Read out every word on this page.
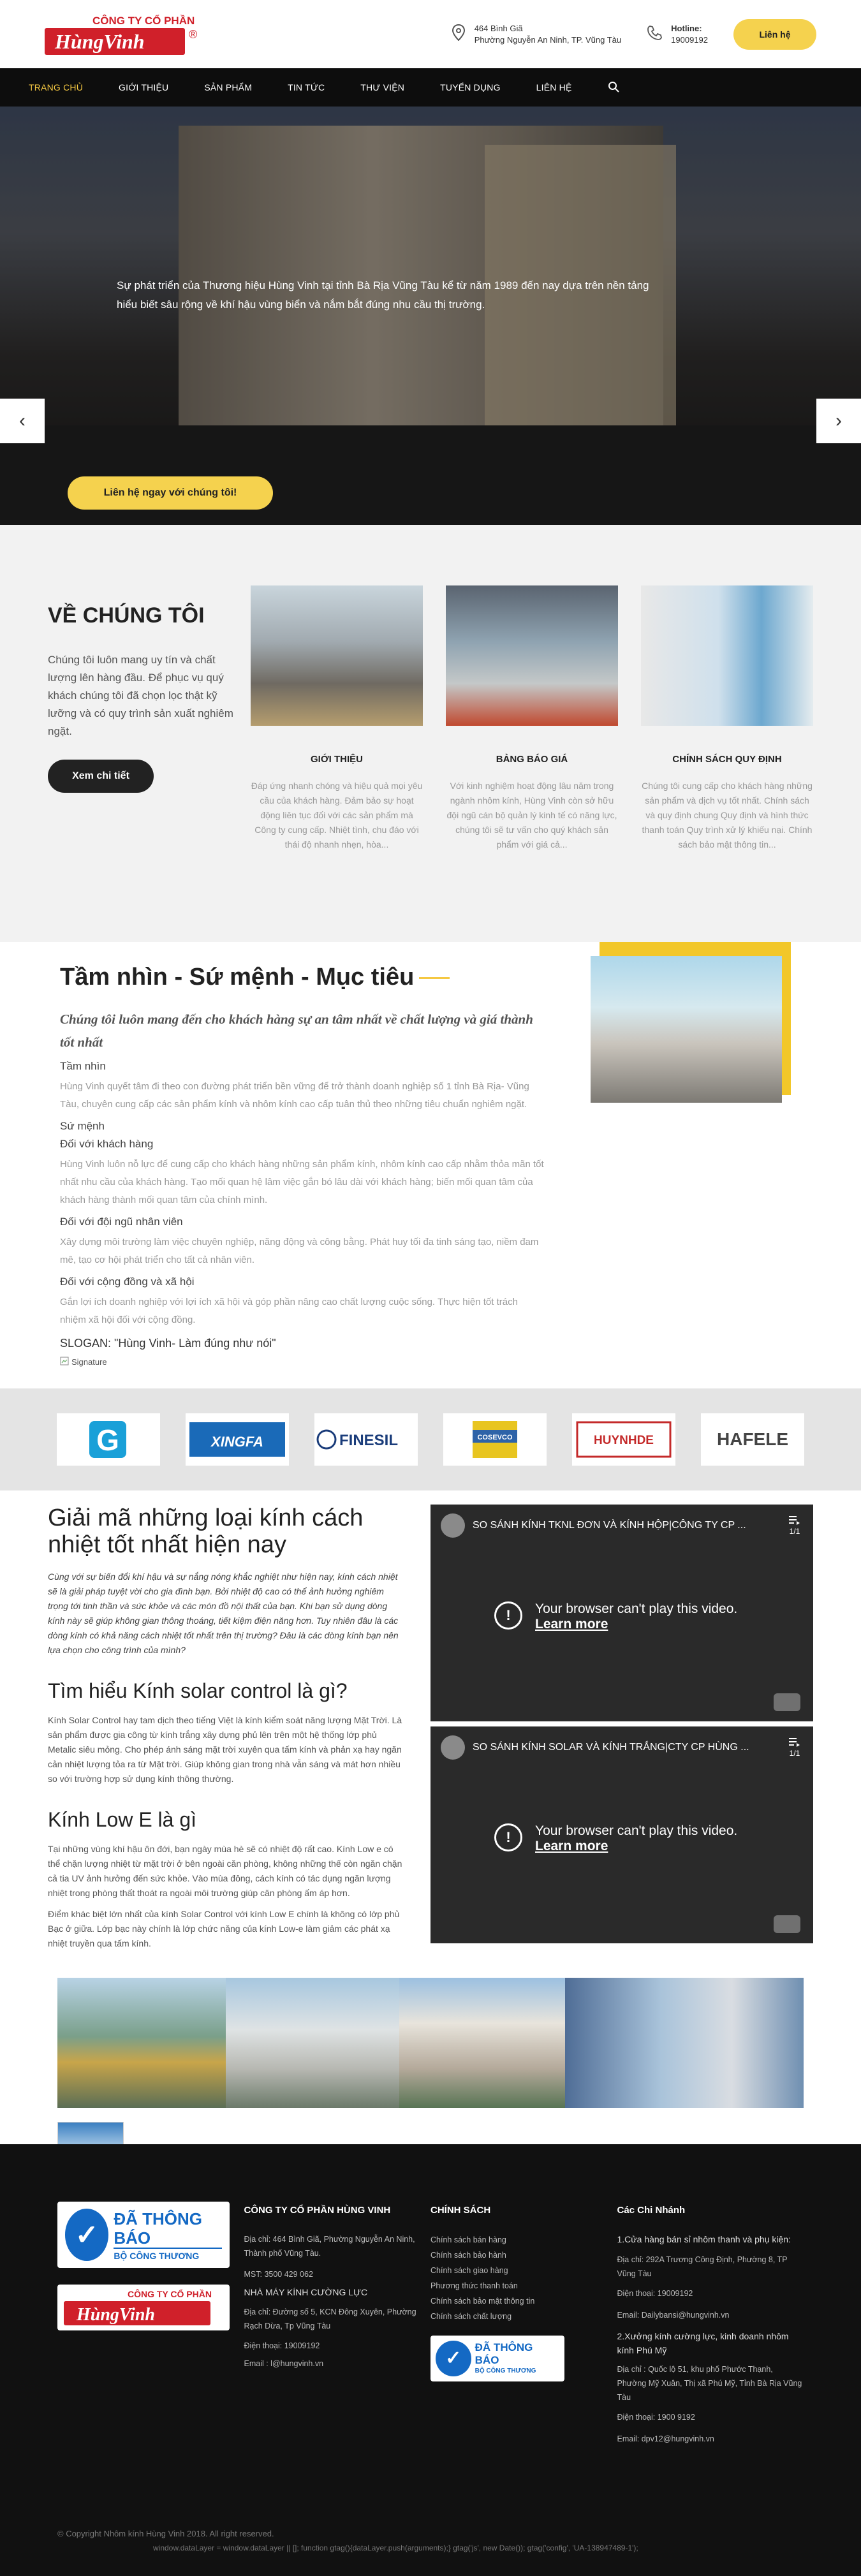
CÔNG TY CỔ PHẦN
HùngVinh	®	464 Bình Giã
Phường Nguyễn An Ninh, TP. Vũng Tàu
Hotline:
19009192
Liên hệ
TRANG CHỦ	GIỚI THIỆU	SẢN PHẨM	TIN TỨC	THƯ VIỆN	TUYỂN DỤNG	LIÊN HỆ
Sự phát triển của Thương hiệu Hùng Vinh tại tỉnh Bà Rịa Vũng Tàu kể từ năm 1989 đến nay dựa trên nền tảng hiểu biết sâu rộng về khí hậu vùng biển và nắm bắt đúng nhu cầu thị trường.
Liên hệ ngay với chúng tôi!
‹	›
VỀ CHÚNG TÔI

Chúng tôi luôn mang uy tín và chất lượng lên hàng đầu. Để phục vụ quý khách chúng tôi đã chọn lọc thật kỹ lưỡng và có quy trình sản xuất nghiêm ngặt.

Xem chi tiết
GIỚI THIỆU

Đáp ứng nhanh chóng và hiệu quả mọi yêu cầu của khách hàng. Đảm bảo sự hoạt động liên tục đối với các sản phẩm mà Công ty cung cấp. Nhiệt tình, chu đáo với thái độ nhanh nhẹn, hòa...

BẢNG BÁO GIÁ

Với kinh nghiệm hoạt động lâu năm trong ngành nhôm kính, Hùng Vinh còn sở hữu đội ngũ cán bộ quản lý kinh tế có năng lực, chúng tôi sẽ tư vấn cho quý khách sản phẩm với giá cả...

CHÍNH SÁCH QUY ĐỊNH

Chúng tôi cung cấp cho khách hàng những sản phẩm và dịch vụ tốt nhất. Chính sách và quy định chung Quy định và hình thức thanh toán Quy trình xử lý khiếu nại. Chính sách bảo mật thông tin...

Tầm nhìn - Sứ mệnh - Mục tiêu
Chúng tôi luôn mang đến cho khách hàng sự an tâm nhất về chất lượng và giá thành tốt nhất
Tầm nhìn
Hùng Vinh quyết tâm đi theo con đường phát triển bền vững để trở thành doanh nghiệp số 1 tỉnh Bà Rịa- Vũng Tàu, chuyên cung cấp các sản phẩm kính và nhôm kính cao cấp tuân thủ theo những tiêu chuẩn nghiêm ngặt.
Sứ mệnh
Đối với khách hàng
Hùng Vinh luôn nỗ lực để cung cấp cho khách hàng những sản phẩm kính, nhôm kính cao cấp nhằm thỏa mãn tốt nhất nhu cầu của khách hàng. Tạo mối quan hệ lâm việc gắn bó lâu dài với khách hàng; biến mối quan tâm của khách hàng thành mối quan tâm của chính mình.
Đối với đội ngũ nhân viên
Xây dựng môi trường làm việc chuyên nghiệp, năng động và công bằng. Phát huy tối đa tinh sáng tạo, niềm đam mê, tạo cơ hội phát triển cho tất cả nhân viên.
Đối với cộng đồng và xã hội
Gắn lợi ích doanh nghiệp với lợi ích xã hội và góp phần nâng cao chất lượng cuộc sống. Thực hiện tốt trách nhiệm xã hội đối với cộng đồng.
SLOGAN: "Hùng Vinh- Làm đúng như nói"
Signature
G	XINGFA	FINESIL	COSEVCO	HUYNHDE	HAFELE
Giải mã những loại kính cách nhiệt tốt nhất hiện nay
Cùng với sự biến đổi khí hậu và sự nắng nóng khắc nghiệt như hiện nay, kính cách nhiệt sẽ là giải pháp tuyệt vời cho gia đình bạn. Bởi nhiệt độ cao có thể ảnh hưởng nghiêm trọng tới tinh thần và sức khỏe và các món đồ nội thất của bạn. Khi bạn sử dụng dòng kính này sẽ giúp không gian thông thoáng, tiết kiệm điện năng hơn. Tuy nhiên đâu là các dòng kính có khả năng cách nhiệt tốt nhất trên thị trường? Đâu là các dòng kính bạn nên lựa chọn cho công trình của mình?
Tìm hiểu Kính solar control là gì?
Kính Solar Control hay tam dịch theo tiếng Việt là kính kiểm soát năng lượng Mặt Trời. Là sản phẩm được gia công từ kính trắng xây dựng phủ lên trên một hệ thống lớp phủ Metalic siêu mỏng. Cho phép ánh sáng mặt trời xuyên qua tấm kính và phản xạ hay ngăn cản nhiệt lượng tỏa ra từ Mặt trời. Giúp không gian trong nhà vẫn sáng và mát hơn nhiều so với trường hợp sử dụng kính thông thường.
Kính Low E là gì
Tại những vùng khí hậu ôn đới, bạn ngày mùa hè sẽ có nhiệt độ rất cao. Kính Low e có thể chặn lượng nhiệt từ mặt trời ở bên ngoài căn phòng, không những thế còn ngăn chặn cả tia UV ảnh hưởng đến sức khỏe. Vào mùa đông, cách kính có tác dụng ngăn lượng nhiệt trong phòng thất thoát ra ngoài môi trường giúp căn phòng ấm áp hơn.
Điểm khác biệt lớn nhất của kính Solar Control với kính Low E chính là không có lớp phủ Bạc ở giữa. Lớp bạc này chính là lớp chức năng của kính Low-e làm giảm các phát xạ nhiệt truyền qua tấm kính.
SO SÁNH KÍNH TKNL ĐƠN VÀ KÍNH HỘP|CÔNG TY CP ...
1/1
!	Your browser can't play this video.
Learn more
SO SÁNH KÍNH SOLAR VÀ KÍNH TRẮNG|CTY CP HÙNG ...
1/1
!	Your browser can't play this video.
Learn more
✓
ĐÃ THÔNG BÁO
BỘ CÔNG THƯƠNG
CÔNG TY CỔ PHẦN
HùngVinh
CÔNG TY CỔ PHẦN HÙNG VINH
Địa chỉ: 464 Bình Giã, Phường Nguyễn An Ninh, Thành phố Vũng Tàu.
MST: 3500 429 062
NHÀ MÁY KÍNH CƯỜNG LỰC
Địa chỉ: Đường số 5, KCN Đông Xuyên, Phường Rạch Dừa, Tp Vũng Tàu
Điện thoại: 19009192
Email : l@hungvinh.vn
CHÍNH SÁCH
Chính sách bán hàng
Chính sách bảo hành
Chính sách giao hàng
Phương thức thanh toán
Chính sách bảo mật thông tin
Chính sách chất lượng
✓
ĐÃ THÔNG BÁO
BỘ CÔNG THƯƠNG
Các Chi Nhánh
1.Cửa hàng bán sỉ nhôm thanh và phụ kiện:
Địa chỉ: 292A Trương Công Định, Phường 8, TP Vũng Tàu
Điện thoại: 19009192
Email: Dailybansi@hungvinh.vn
2.Xưởng kính cường lực, kinh doanh nhôm kính Phú Mỹ
Địa chỉ : Quốc lộ 51, khu phố Phước Thạnh, Phường Mỹ Xuân, Thị xã Phú Mỹ, Tỉnh Bà Rịa Vũng Tàu
Điện thoại: 1900 9192
Email: dpv12@hungvinh.vn
© Copyright Nhôm kính Hùng Vinh 2018. All right reserved.
window.dataLayer = window.dataLayer || []; function gtag(){dataLayer.push(arguments);} gtag('js', new Date()); gtag('config', 'UA-138947489-1');
